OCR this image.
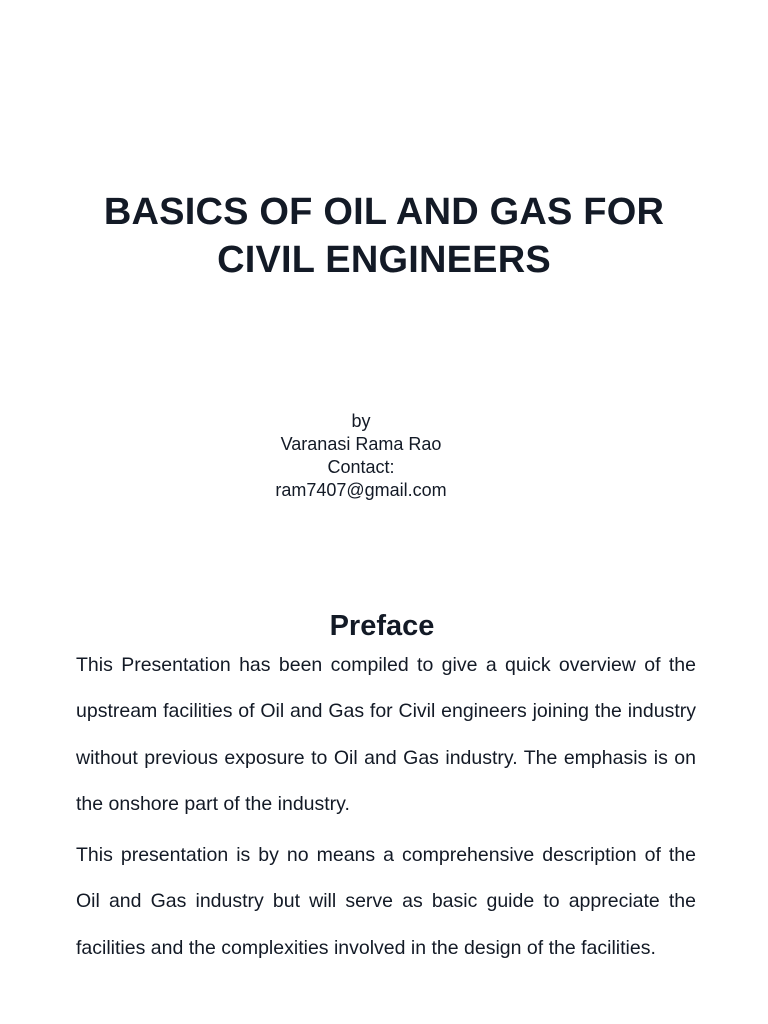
BASICS OF OIL AND GAS FOR
CIVIL ENGINEERS
by
Varanasi Rama Rao
Contact:
ram7407@gmail.com
Preface

This Presentation has been compiled to give a quick overview of the upstream facilities of Oil and Gas for Civil engineers joining the industry without previous exposure to Oil and Gas industry. The emphasis is on the onshore part of the industry.

This presentation is by no means a comprehensive description of the Oil and Gas industry but will serve as basic guide to appreciate the facilities and the complexities involved in the design of the facilities.
